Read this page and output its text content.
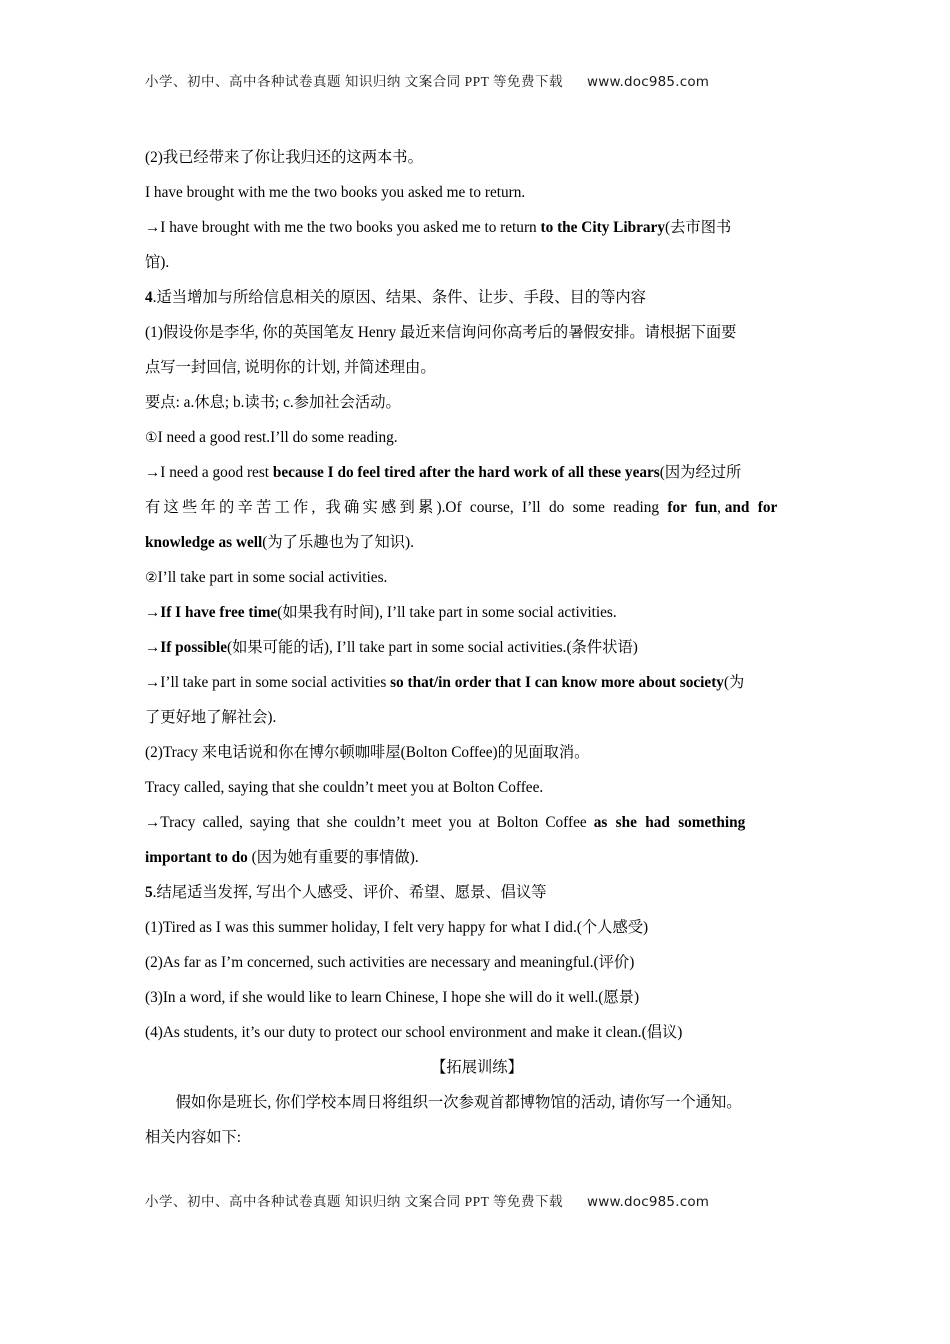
小学、初中、高中各种试卷真题 知识归纳 文案合同 PPT 等免费下载 www.doc985.com
(2)我已经带来了你让我归还的这两本书。
I have brought with me the two books you asked me to return.
→I have brought with me the two books you asked me to return to the City Library(去市图书
馆).
4.适当增加与所给信息相关的原因、结果、条件、让步、手段、目的等内容
(1)假设你是李华, 你的英国笔友 Henry 最近来信询问你高考后的暑假安排。请根据下面要
点写一封回信, 说明你的计划, 并简述理由。
要点: a.休息; b.读书; c.参加社会活动。
①I need a good rest.I’ll do some reading.
→I need a good rest because I do feel tired after the hard work of all these years(因为经过所
有这些年的辛苦工作, 我确实感到累).Of course, I’ll do some reading for fun, and for
knowledge as well(为了乐趣也为了知识).
②I’ll take part in some social activities.
→If I have free time(如果我有时间), I’ll take part in some social activities.
→If possible(如果可能的话), I’ll take part in some social activities.(条件状语)
→I’ll take part in some social activities so that/in order that I can know more about society(为
了更好地了解社会).
(2)Tracy 来电话说和你在博尔顿咖啡屋(Bolton Coffee)的见面取消。
Tracy called, saying that she couldn’t meet you at Bolton Coffee.
→Tracy called, saying that she couldn’t meet you at Bolton Coffee as she had something
important to do (因为她有重要的事情做).
5.结尾适当发挥, 写出个人感受、评价、希望、愿景、倡议等
(1)Tired as I was this summer holiday, I felt very happy for what I did.(个人感受)
(2)As far as I’m concerned, such activities are necessary and meaningful.(评价)
(3)In a word, if she would like to learn Chinese, I hope she will do it well.(愿景)
(4)As students, it’s our duty to protect our school environment and make it clean.(倡议)
【拓展训练】
假如你是班长, 你们学校本周日将组织一次参观首都博物馆的活动, 请你写一个通知。
相关内容如下:
小学、初中、高中各种试卷真题 知识归纳 文案合同 PPT 等免费下载 www.doc985.com
